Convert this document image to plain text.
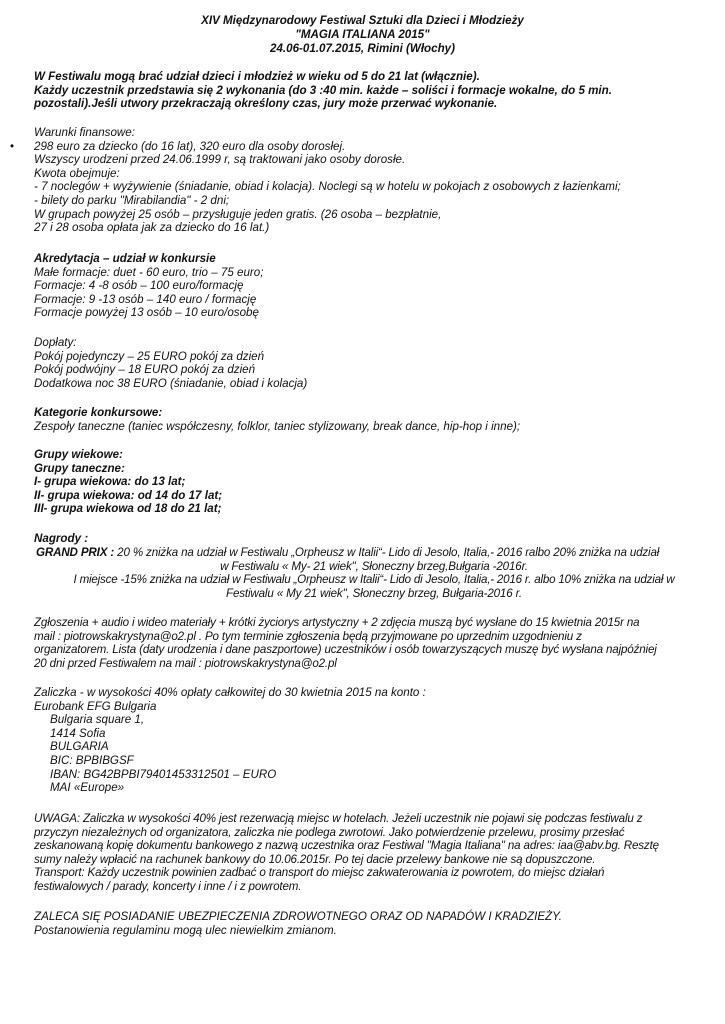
XIV Międzynarodowy Festiwal Sztuki dla Dzieci i Młodzieży
"MAGIA ITALIANA 2015"
24.06-01.07.2015, Rimini (Włochy)
W Festiwalu mogą brać udział dzieci i młodzież w wieku od 5 do 21 lat (włącznie).
Każdy uczestnik przedstawia się 2 wykonania (do 3 :40 min. każde – soliści i formacje wokalne, do 5 min.
pozostali).Jeśli utwory przekraczają określony czas, jury może przerwać wykonanie.
Warunki finansowe:
• 298 euro za dziecko (do 16 lat), 320 euro dla osoby dorosłej.
Wszyscy urodzeni przed 24.06.1999 r, są traktowani jako osoby dorosłe.
Kwota obejmuje:
- 7 noclegów + wyżywienie (śniadanie, obiad i kolacja). Noclegi są w hotelu w pokojach z osobowych z łazienkami;
- bilety do parku "Mirabilandia" - 2 dni;
W grupach powyżej 25 osób – przysługuje jeden gratis. (26 osoba – bezpłatnie,
27 i 28 osoba opłata jak za dziecko do 16 lat.)
Akredytacja – udział w konkursie
Małe formacje: duet - 60 euro, trio – 75 euro;
Formacje: 4 -8 osób – 100 euro/formację
Formacje: 9 -13 osób – 140 euro / formację
Formacje powyżej 13 osób – 10 euro/osobę
Dopłaty:
Pokój pojedynczy – 25 EURO pokój za dzień
Pokój podwójny – 18 EURO pokój za dzień
Dodatkowa noc 38 EURO (śniadanie, obiad i kolacja)
Kategorie konkursowe:
Zespoły taneczne (taniec współczesny, folklor, taniec stylizowany, break dance, hip-hop i inne);
Grupy wiekowe:
Grupy taneczne:
I- grupa wiekowa: do 13 lat;
II- grupa wiekowa: od 14 do 17 lat;
III- grupa wiekowa od 18 do 21 lat;
Nagrody :
GRAND PRIX : 20 % zniżka na udział w Festiwalu „Orpheusz w Italii“- Lido di Jesolo, Italia,- 2016 ralbo 20% zniżka na udział
w Festiwalu « My- 21 wiek", Słoneczny brzeg,Bułgaria -2016r.
I miejsce -15% zniżka na udział w Festiwalu „Orpheusz w Italii“- Lido di Jesolo, Italia,- 2016 r. albo 10% zniżka na udział w
Festiwalu « My 21 wiek", Słoneczny brzeg, Bułgaria-2016 r.
Zgłoszenia + audio i wideo materiały + krótki życiorys artystyczny + 2 zdjęcia muszą być wysłane do 15 kwietnia 2015r na
mail : piotrowskakrystyna@o2.pl . Po tym terminie zgłoszenia będą przyjmowane po uprzednim uzgodnieniu z
organizatorem. Lista (daty urodzenia i dane paszportowe) uczestników i osób towarzyszących muszę być wysłana najpóźniej
20 dni przed Festiwalem na mail : piotrowskakrystyna@o2.pl
Zaliczka - w wysokości 40% opłaty całkowitej do 30 kwietnia 2015 na konto :
Eurobank EFG Bulgaria
Bulgaria square 1,
1414 Sofia
BULGARIA
BIC: BPBIBGSF
IBAN: BG42BPBI79401453312501 – EURO
MAI «Europe»
UWAGA: Zaliczka w wysokości 40% jest rezerwacją miejsc w hotelach. Jeżeli uczestnik nie pojawi się podczas festiwalu z
przyczyn niezależnych od organizatora, zaliczka nie podlega zwrotowi. Jako potwierdzenie przelewu, prosimy przesłać
zeskanowaną kopię dokumentu bankowego z nazwą uczestnika oraz Festiwal "Magia Italiana" na adres: iaa@abv.bg. Resztę
sumy należy wpłacić na rachunek bankowy do 10.06.2015r. Po tej dacie przelewy bankowe nie są dopuszczone.
Transport: Każdy uczestnik powinien zadbać o transport do miejsc zakwaterowania iz powrotem, do miejsc działań
festiwalowych / parady, koncerty i inne / i z powrotem.
ZALECA SIĘ POSIADANIE UBEZPIECZENIA ZDROWOTNEGO ORAZ OD NAPADÓW I KRADZIEŻY.
Postanowienia regulaminu mogą ulec niewielkim zmianom.
